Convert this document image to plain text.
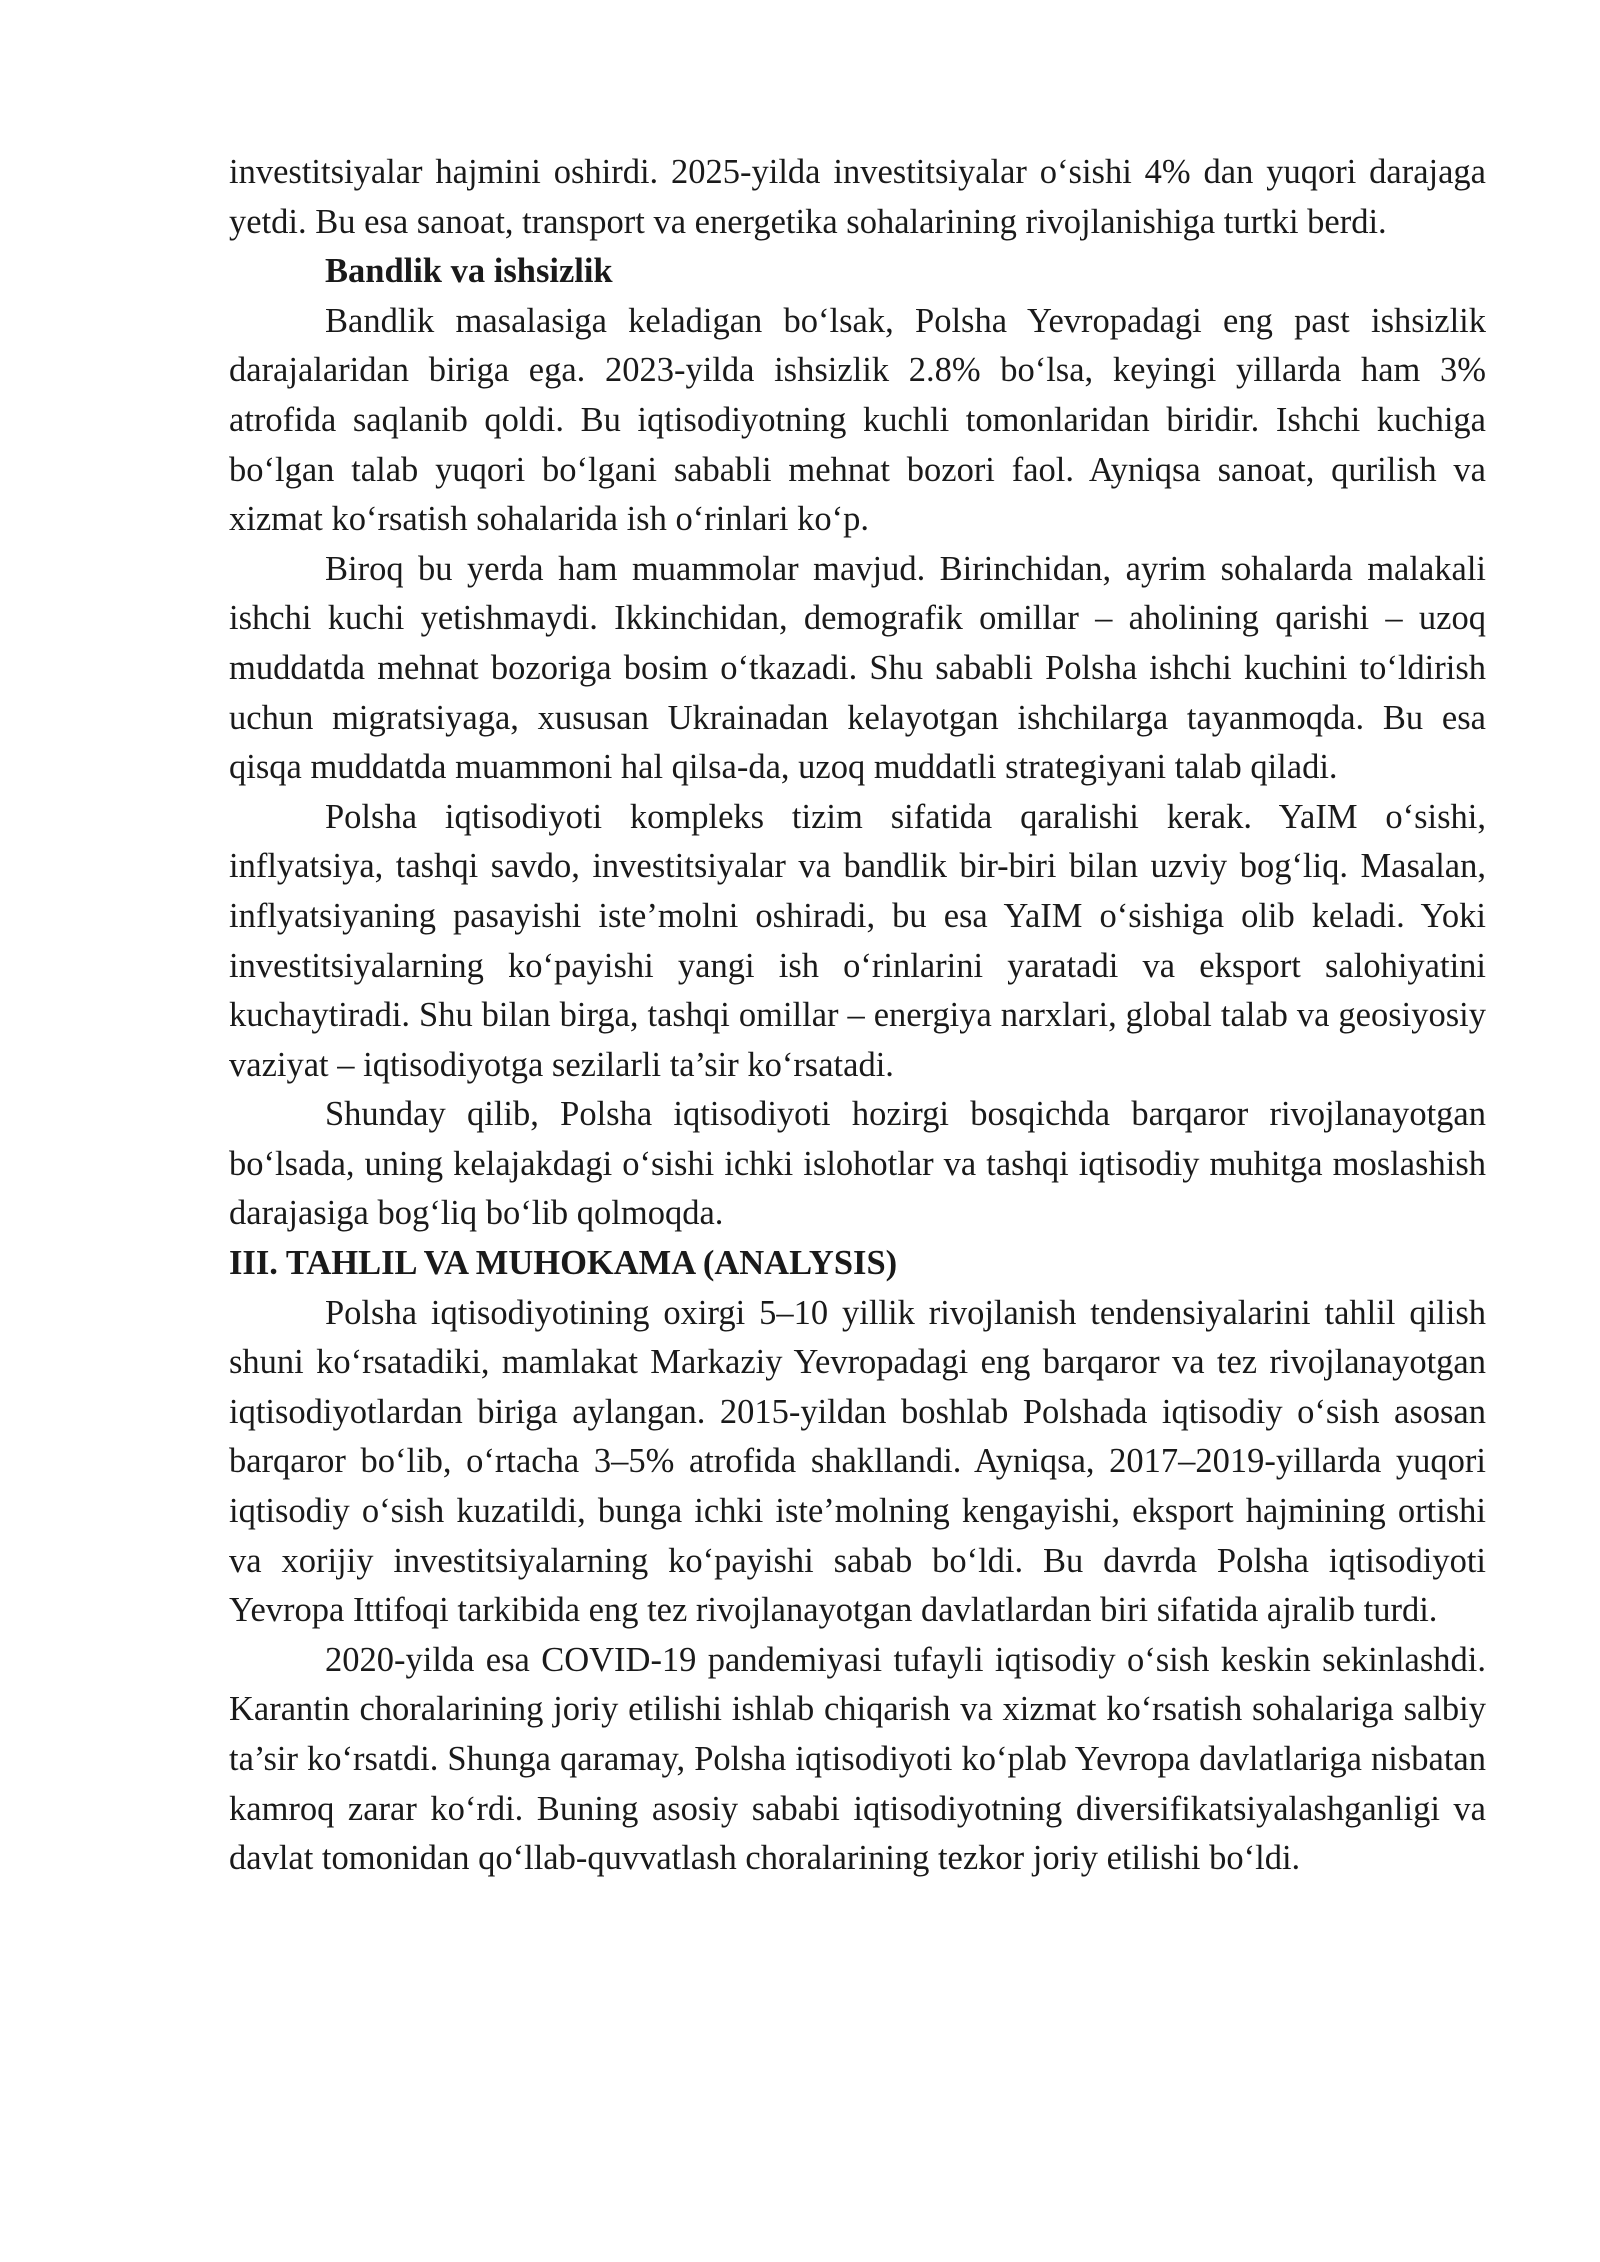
investitsiyalar hajmini oshirdi. 2025-yilda investitsiyalar o‘sishi 4% dan yuqori darajaga yetdi. Bu esa sanoat, transport va energetika sohalarining rivojlanishiga turtki berdi.

Bandlik va ishsizlik

Bandlik masalasiga keladigan bo‘lsak, Polsha Yevropadagi eng past ishsizlik darajalaridan biriga ega. 2023-yilda ishsizlik 2.8% bo‘lsa, keyingi yillarda ham 3% atrofida saqlanib qoldi. Bu iqtisodiyotning kuchli tomonlaridan biridir. Ishchi kuchiga bo‘lgan talab yuqori bo‘lgani sababli mehnat bozori faol. Ayniqsa sanoat, qurilish va xizmat ko‘rsatish sohalarida ish o‘rinlari ko‘p.

Biroq bu yerda ham muammolar mavjud. Birinchidan, ayrim sohalarda malakali ishchi kuchi yetishmaydi. Ikkinchidan, demografik omillar – aholining qarishi – uzoq muddatda mehnat bozoriga bosim o‘tkazadi. Shu sababli Polsha ishchi kuchini to‘ldirish uchun migratsiyaga, xususan Ukrainadan kelayotgan ishchilarga tayanmoqda. Bu esa qisqa muddatda muammoni hal qilsa-da, uzoq muddatli strategiyani talab qiladi.

Polsha iqtisodiyoti kompleks tizim sifatida qaralishi kerak. YaIM o‘sishi, inflyatsiya, tashqi savdo, investitsiyalar va bandlik bir-biri bilan uzviy bog‘liq. Masalan, inflyatsiyaning pasayishi iste’molni oshiradi, bu esa YaIM o‘sishiga olib keladi. Yoki investitsiyalarning ko‘payishi yangi ish o‘rinlarini yaratadi va eksport salohiyatini kuchaytiradi. Shu bilan birga, tashqi omillar – energiya narxlari, global talab va geosiyosiy vaziyat – iqtisodiyotga sezilarli ta’sir ko‘rsatadi.

Shunday qilib, Polsha iqtisodiyoti hozirgi bosqichda barqaror rivojlanayotgan bo‘lsada, uning kelajakdagi o‘sishi ichki islohotlar va tashqi iqtisodiy muhitga moslashish darajasiga bog‘liq bo‘lib qolmoqda.

III. TAHLIL VA MUHOKAMA (ANALYSIS)

Polsha iqtisodiyotining oxirgi 5–10 yillik rivojlanish tendensiyalarini tahlil qilish shuni ko‘rsatadiki, mamlakat Markaziy Yevropadagi eng barqaror va tez rivojlanayotgan iqtisodiyotlardan biriga aylangan. 2015-yildan boshlab Polshada iqtisodiy o‘sish asosan barqaror bo‘lib, o‘rtacha 3–5% atrofida shakllandi. Ayniqsa, 2017–2019-yillarda yuqori iqtisodiy o‘sish kuzatildi, bunga ichki iste’molning kengayishi, eksport hajmining ortishi va xorijiy investitsiyalarning ko‘payishi sabab bo‘ldi. Bu davrda Polsha iqtisodiyoti Yevropa Ittifoqi tarkibida eng tez rivojlanayotgan davlatlardan biri sifatida ajralib turdi.

2020-yilda esa COVID-19 pandemiyasi tufayli iqtisodiy o‘sish keskin sekinlashdi. Karantin choralarining joriy etilishi ishlab chiqarish va xizmat ko‘rsatish sohalariga salbiy ta’sir ko‘rsatdi. Shunga qaramay, Polsha iqtisodiyoti ko‘plab Yevropa davlatlariga nisbatan kamroq zarar ko‘rdi. Buning asosiy sababi iqtisodiyotning diversifikatsiyalashganligi va davlat tomonidan qo‘llab-quvvatlash choralarining tezkor joriy etilishi bo‘ldi.
